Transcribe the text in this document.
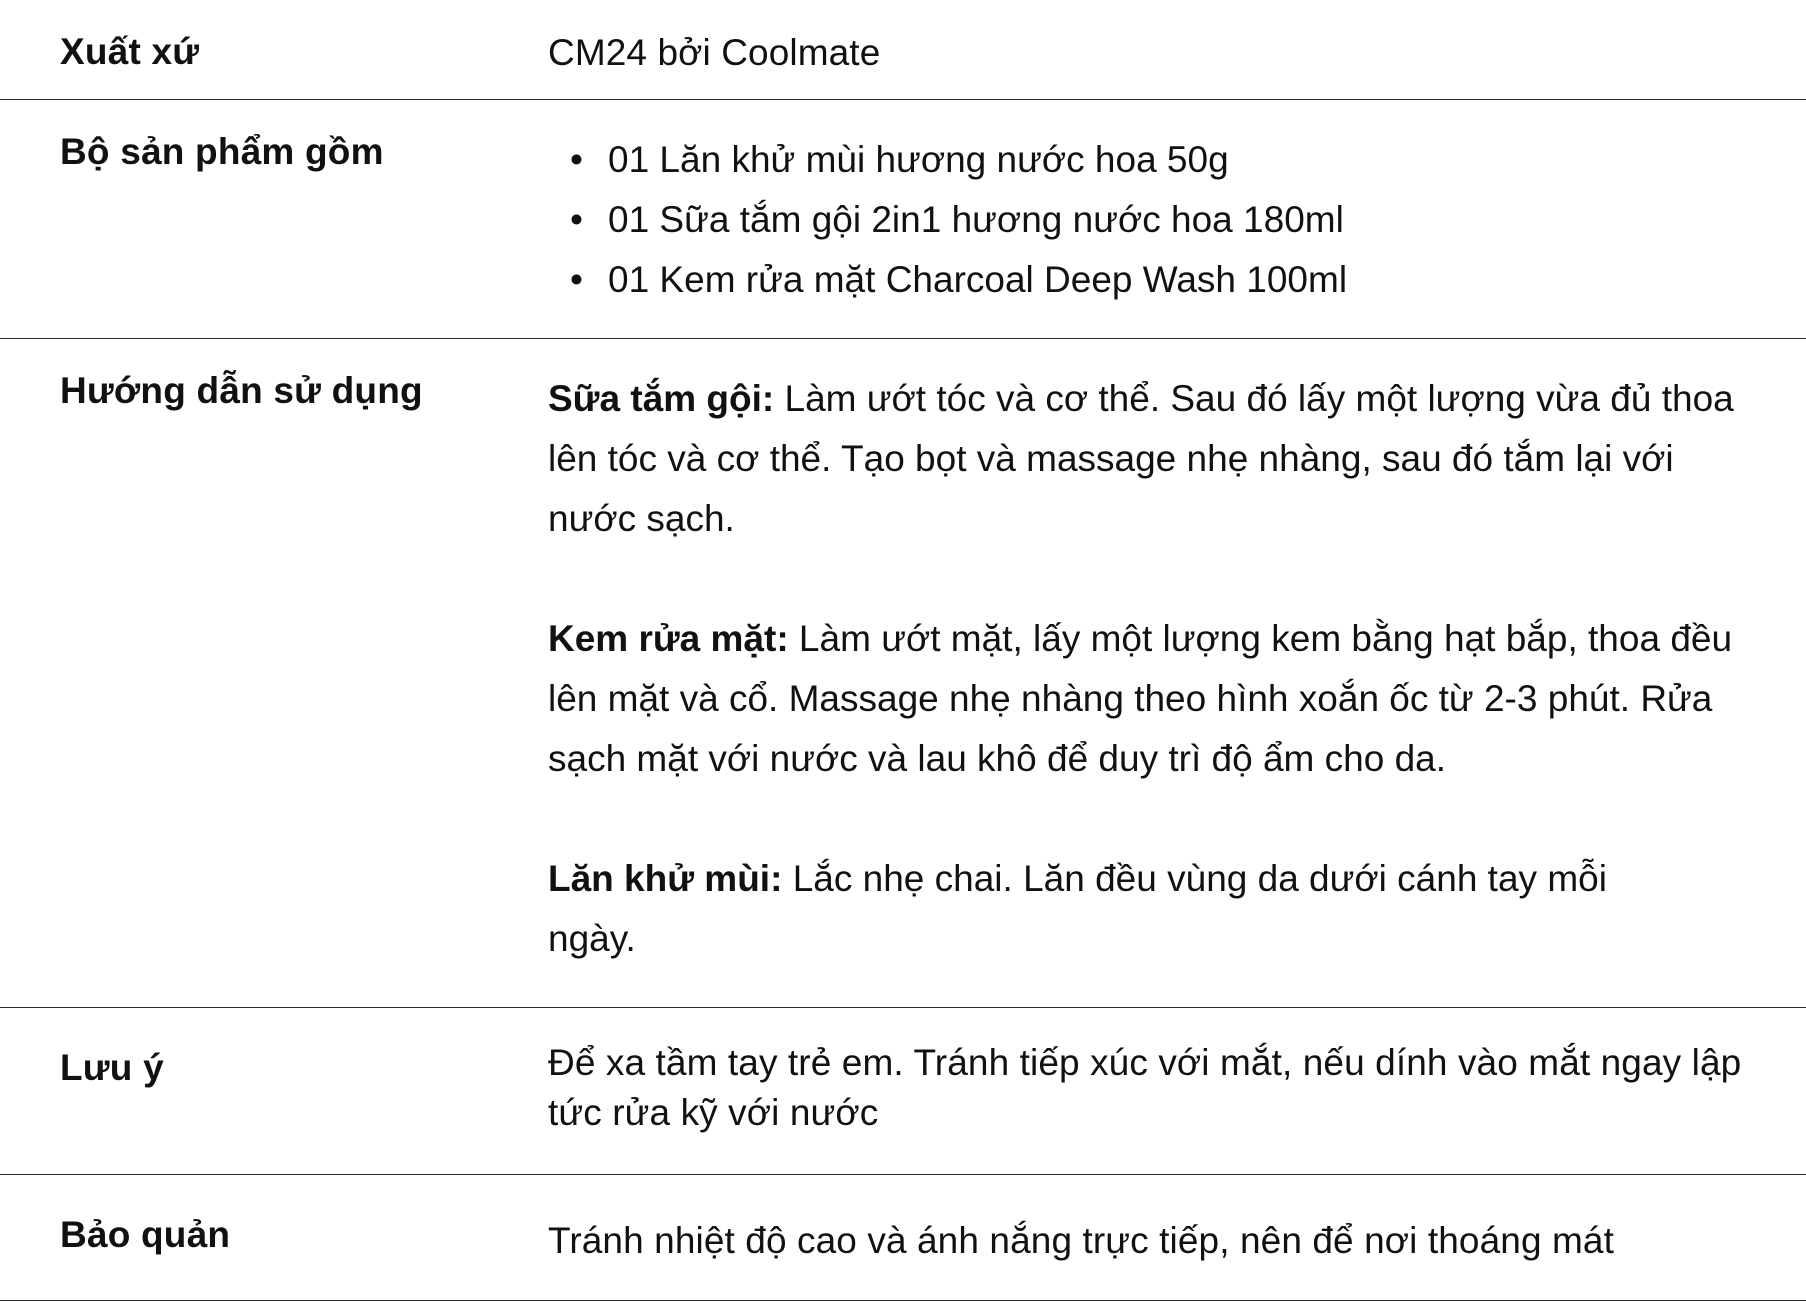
Xuất xứ	CM24 bởi Coolmate
Bộ sản phẩm gồm	• 01 Lăn khử mùi hương nước hoa 50g
• 01 Sữa tắm gội 2in1 hương nước hoa 180ml
• 01 Kem rửa mặt Charcoal Deep Wash 100ml
Hướng dẫn sử dụng	Sữa tắm gội: Làm ướt tóc và cơ thể. Sau đó lấy một lượng vừa đủ thoa lên tóc và cơ thể. Tạo bọt và massage nhẹ nhàng, sau đó tắm lại với nước sạch.
Kem rửa mặt: Làm ướt mặt, lấy một lượng kem bằng hạt bắp, thoa đều lên mặt và cổ. Massage nhẹ nhàng theo hình xoắn ốc từ 2-3 phút. Rửa sạch mặt với nước và lau khô để duy trì độ ẩm cho da.
Lăn khử mùi: Lắc nhẹ chai. Lăn đều vùng da dưới cánh tay mỗi ngày.
Lưu ý	Để xa tầm tay trẻ em. Tránh tiếp xúc với mắt, nếu dính vào mắt ngay lập tức rửa kỹ với nước
Bảo quản	Tránh nhiệt độ cao và ánh nắng trực tiếp, nên để nơi thoáng mát
